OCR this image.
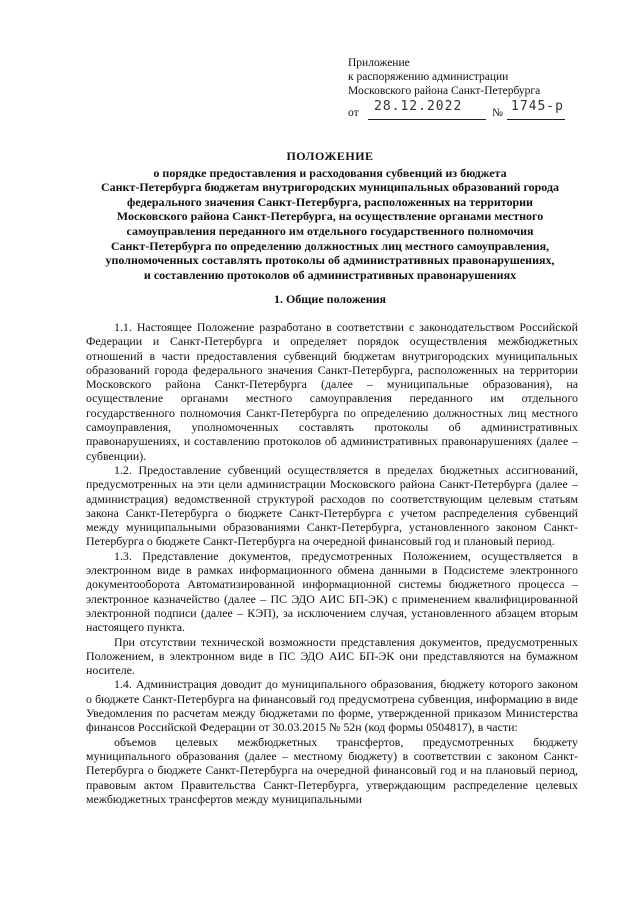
Приложение
к распоряжению администрации
Московского района Санкт-Петербурга
от 28.12.2022	№ 1745-р
ПОЛОЖЕНИЕ
о порядке предоставления и расходования субвенций из бюджета
Санкт-Петербурга бюджетам внутригородских муниципальных образований города
федерального значения Санкт-Петербурга, расположенных на территории
Московского района Санкт-Петербурга, на осуществление органами местного
самоуправления переданного им отдельного государственного полномочия
Санкт-Петербурга по определению должностных лиц местного самоуправления,
уполномоченных составлять протоколы об административных правонарушениях,
и составлению протоколов об административных правонарушениях
1. Общие положения

1.1. Настоящее Положение разработано в соответствии с законодательством Российской Федерации и Санкт-Петербурга и определяет порядок осуществления межбюджетных отношений в части предоставления субвенций бюджетам внутригородских муниципальных образований города федерального значения Санкт-Петербурга, расположенных на территории Московского района Санкт-Петербурга (далее – муниципальные образования), на осуществление органами местного самоуправления переданного им отдельного государственного полномочия Санкт-Петербурга по определению должностных лиц местного самоуправления, уполномоченных составлять протоколы об административных правонарушениях, и составлению протоколов об административных правонарушениях (далее – субвенции).

1.2. Предоставление субвенций осуществляется в пределах бюджетных ассигнований, предусмотренных на эти цели администрации Московского района Санкт-Петербурга (далее – администрация) ведомственной структурой расходов по соответствующим целевым статьям закона Санкт-Петербурга о бюджете Санкт-Петербурга с учетом распределения субвенций между муниципальными образованиями Санкт-Петербурга, установленного законом Санкт-Петербурга о бюджете Санкт-Петербурга на очередной финансовый год и плановый период.

1.3. Представление документов, предусмотренных Положением, осуществляется в электронном виде в рамках информационного обмена данными в Подсистеме электронного документооборота Автоматизированной информационной системы бюджетного процесса – электронное казначейство (далее – ПС ЭДО АИС БП-ЭК) с применением квалифицированной электронной подписи (далее – КЭП), за исключением случая, установленного абзацем вторым настоящего пункта.

При отсутствии технической возможности представления документов, предусмотренных Положением, в электронном виде в ПС ЭДО АИС БП-ЭК они представляются на бумажном носителе.

1.4. Администрация доводит до муниципального образования, бюджету которого законом о бюджете Санкт-Петербурга на финансовый год предусмотрена субвенция, информацию в виде Уведомления по расчетам между бюджетами по форме, утвержденной приказом Министерства финансов Российской Федерации от 30.03.2015 № 52н (код формы 0504817), в части:

объемов целевых межбюджетных трансфертов, предусмотренных бюджету муниципального образования (далее – местному бюджету) в соответствии с законом Санкт-Петербурга о бюджете Санкт-Петербурга на очередной финансовый год и на плановый период, правовым актом Правительства Санкт-Петербурга, утверждающим распределение целевых межбюджетных трансфертов между муниципальными
